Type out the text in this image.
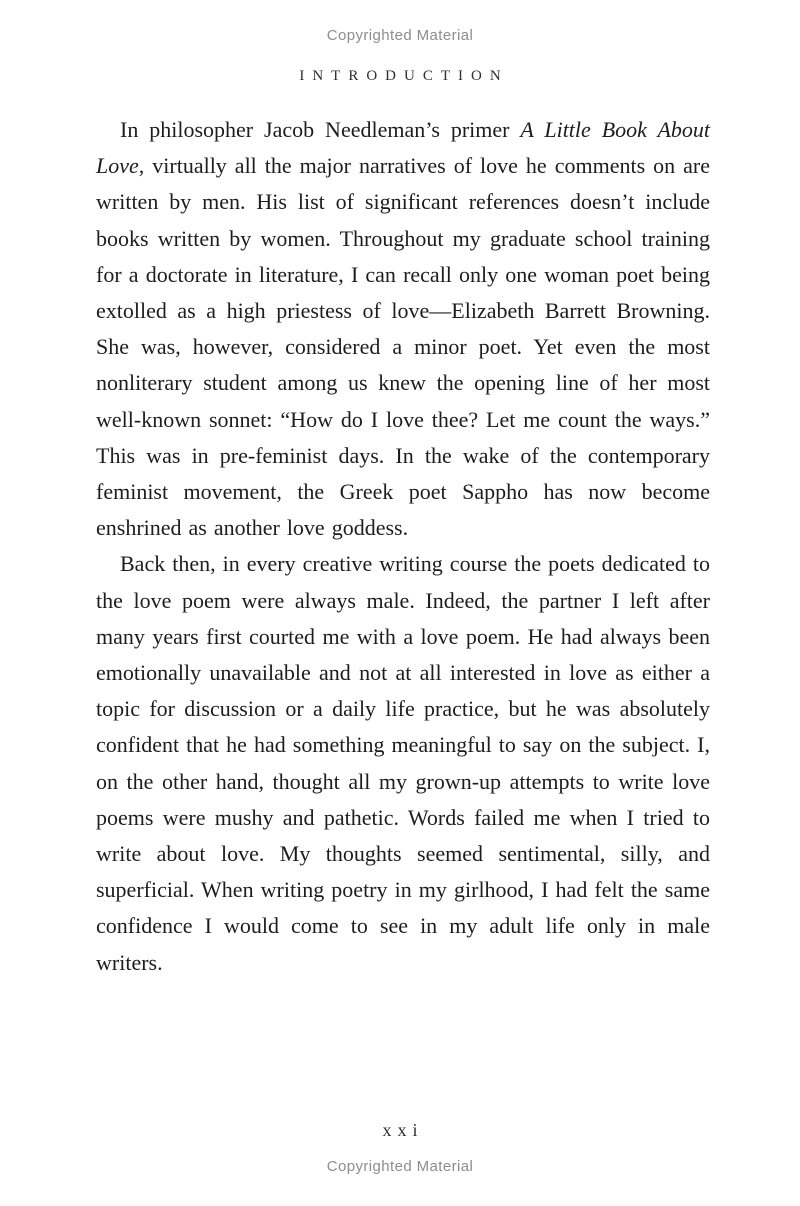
Copyrighted Material
INTRODUCTION

In philosopher Jacob Needleman’s primer A Little Book About Love, virtually all the major narratives of love he comments on are written by men. His list of significant references doesn’t include books written by women. Throughout my graduate school training for a doctorate in literature, I can recall only one woman poet being extolled as a high priestess of love—Elizabeth Barrett Browning. She was, however, considered a minor poet. Yet even the most nonliterary student among us knew the opening line of her most well-known sonnet: “How do I love thee? Let me count the ways.” This was in pre-feminist days. In the wake of the contemporary feminist movement, the Greek poet Sappho has now become enshrined as another love goddess.

Back then, in every creative writing course the poets dedicated to the love poem were always male. Indeed, the partner I left after many years first courted me with a love poem. He had always been emotionally unavailable and not at all interested in love as either a topic for discussion or a daily life practice, but he was absolutely confident that he had something meaningful to say on the subject. I, on the other hand, thought all my grown-up attempts to write love poems were mushy and pathetic. Words failed me when I tried to write about love. My thoughts seemed sentimental, silly, and superficial. When writing poetry in my girlhood, I had felt the same confidence I would come to see in my adult life only in male writers.

xxi
Copyrighted Material
